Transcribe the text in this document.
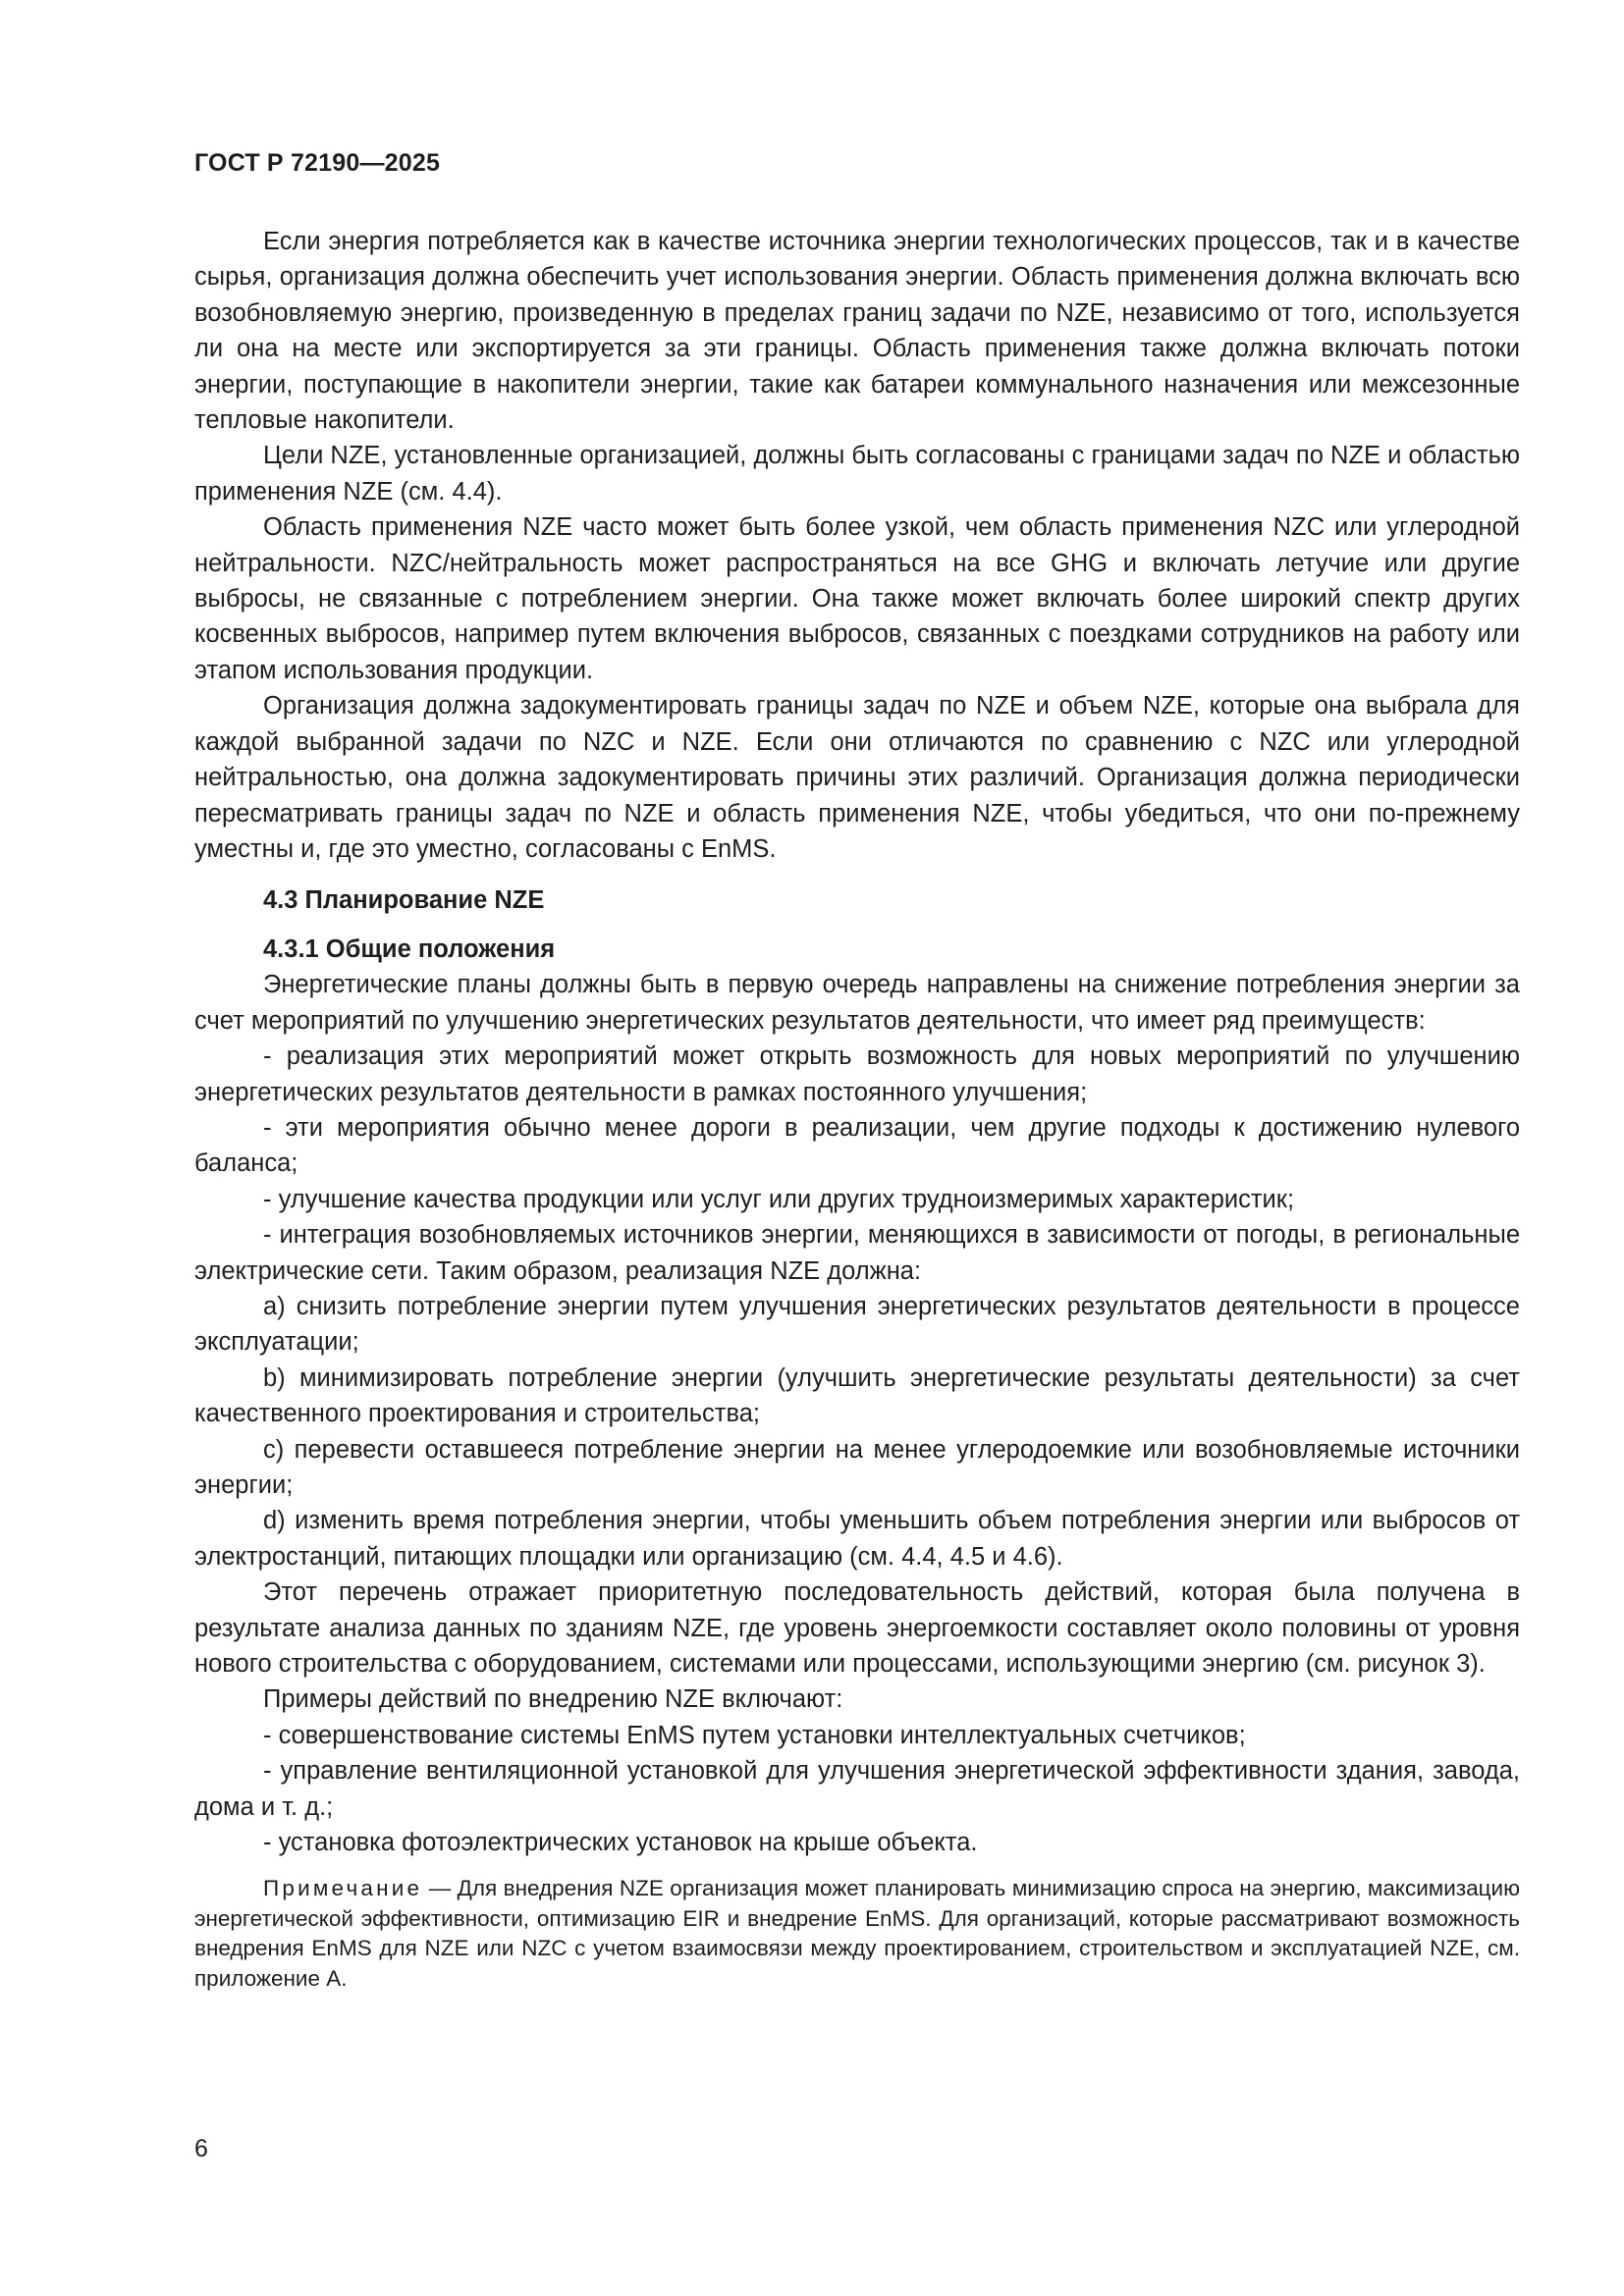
ГОСТ Р 72190—2025

Если энергия потребляется как в качестве источника энергии технологических процессов, так и в качестве сырья, организация должна обеспечить учет использования энергии. Область применения должна включать всю возобновляемую энергию, произведенную в пределах границ задачи по NZE, независимо от того, используется ли она на месте или экспортируется за эти границы. Область применения также должна включать потоки энергии, поступающие в накопители энергии, такие как батареи коммунального назначения или межсезонные тепловые накопители.

Цели NZE, установленные организацией, должны быть согласованы с границами задач по NZE и областью применения NZE (см. 4.4).

Область применения NZE часто может быть более узкой, чем область применения NZC или углеродной нейтральности. NZC/нейтральность может распространяться на все GHG и включать летучие или другие выбросы, не связанные с потреблением энергии. Она также может включать более широкий спектр других косвенных выбросов, например путем включения выбросов, связанных с поездками сотрудников на работу или этапом использования продукции.

Организация должна задокументировать границы задач по NZE и объем NZE, которые она выбрала для каждой выбранной задачи по NZC и NZE. Если они отличаются по сравнению с NZC или углеродной нейтральностью, она должна задокументировать причины этих различий. Организация должна периодически пересматривать границы задач по NZE и область применения NZE, чтобы убедиться, что они по-прежнему уместны и, где это уместно, согласованы с EnMS.

4.3 Планирование NZE
4.3.1 Общие положения

Энергетические планы должны быть в первую очередь направлены на снижение потребления энергии за счет мероприятий по улучшению энергетических результатов деятельности, что имеет ряд преимуществ:

- реализация этих мероприятий может открыть возможность для новых мероприятий по улучшению энергетических результатов деятельности в рамках постоянного улучшения;

- эти мероприятия обычно менее дороги в реализации, чем другие подходы к достижению нулевого баланса;

- улучшение качества продукции или услуг или других трудноизмеримых характеристик;

- интеграция возобновляемых источников энергии, меняющихся в зависимости от погоды, в региональные электрические сети. Таким образом, реализация NZE должна:

a) снизить потребление энергии путем улучшения энергетических результатов деятельности в процессе эксплуатации;

b) минимизировать потребление энергии (улучшить энергетические результаты деятельности) за счет качественного проектирования и строительства;

c) перевести оставшееся потребление энергии на менее углеродоемкие или возобновляемые источники энергии;

d) изменить время потребления энергии, чтобы уменьшить объем потребления энергии или выбросов от электростанций, питающих площадки или организацию (см. 4.4, 4.5 и 4.6).

Этот перечень отражает приоритетную последовательность действий, которая была получена в результате анализа данных по зданиям NZE, где уровень энергоемкости составляет около половины от уровня нового строительства с оборудованием, системами или процессами, использующими энергию (см. рисунок 3).

Примеры действий по внедрению NZE включают:

- совершенствование системы EnMS путем установки интеллектуальных счетчиков;

- управление вентиляционной установкой для улучшения энергетической эффективности здания, завода, дома и т. д.;

- установка фотоэлектрических установок на крыше объекта.

Примечание — Для внедрения NZE организация может планировать минимизацию спроса на энергию, максимизацию энергетической эффективности, оптимизацию EIR и внедрение EnMS. Для организаций, которые рассматривают возможность внедрения EnMS для NZE или NZC с учетом взаимосвязи между проектированием, строительством и эксплуатацией NZE, см. приложение А.
6
